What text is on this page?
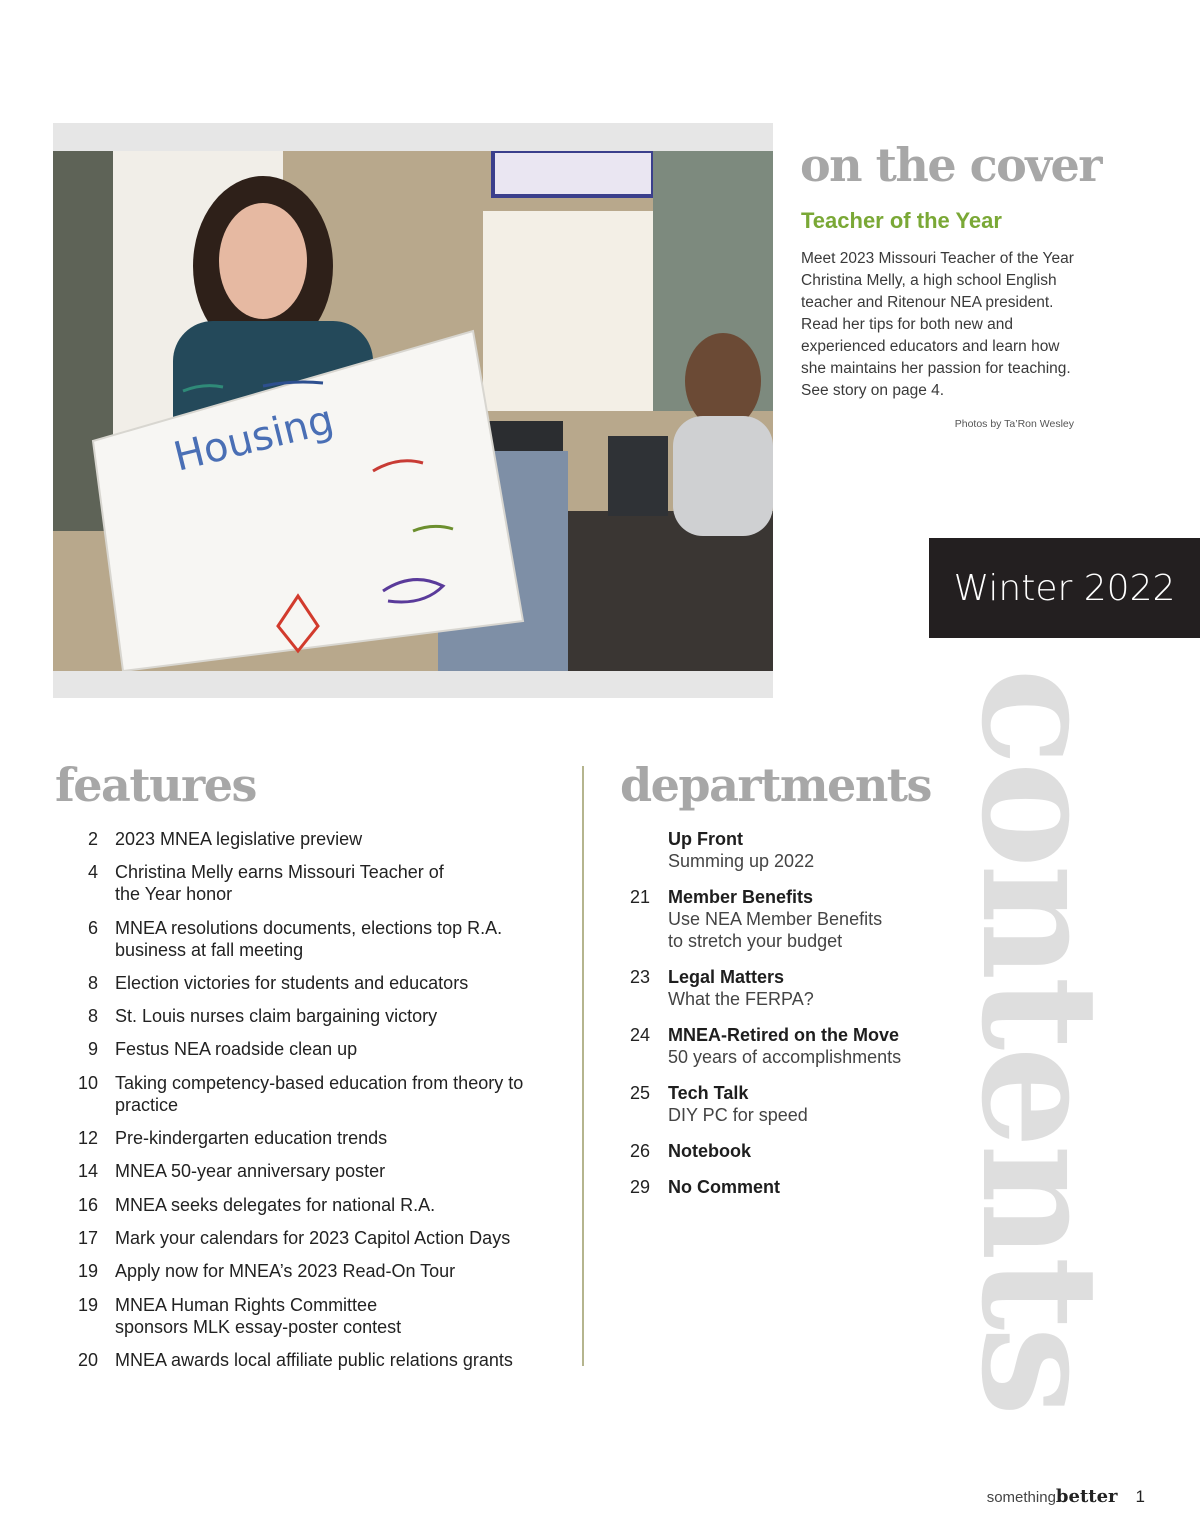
Housing
on the cover
Teacher of the Year

Meet 2023 Missouri Teacher of the Year Christina Melly, a high school English teacher and Ritenour NEA president. Read her tips for both new and experienced educators and learn how she maintains her passion for teaching. See story on page 4.

Photos by Ta’Ron Wesley
Winter 2022
contents
features
2 2023 MNEA legislative preview
4 Christina Melly earns Missouri Teacher of the Year honor
6 MNEA resolutions documents, elections top R.A. business at fall meeting
8 Election victories for students and educators
8 St. Louis nurses claim bargaining victory
9 Festus NEA roadside clean up
10 Taking competency-based education from theory to practice
12 Pre-kindergarten education trends
14 MNEA 50-year anniversary poster
16 MNEA seeks delegates for national R.A.
17 Mark your calendars for 2023 Capitol Action Days
19 Apply now for MNEA’s 2023 Read-On Tour
19 MNEA Human Rights Committee sponsors MLK essay-poster contest
20 MNEA awards local affiliate public relations grants
departments
Up Front
Summing up 2022
21	Member Benefits
Use NEA Member Benefits
to stretch your budget
23	Legal Matters
What the FERPA?
24	MNEA-Retired on the Move
50 years of accomplishments
25	Tech Talk
DIY PC for speed
26	Notebook
29	No Comment
something better 1
